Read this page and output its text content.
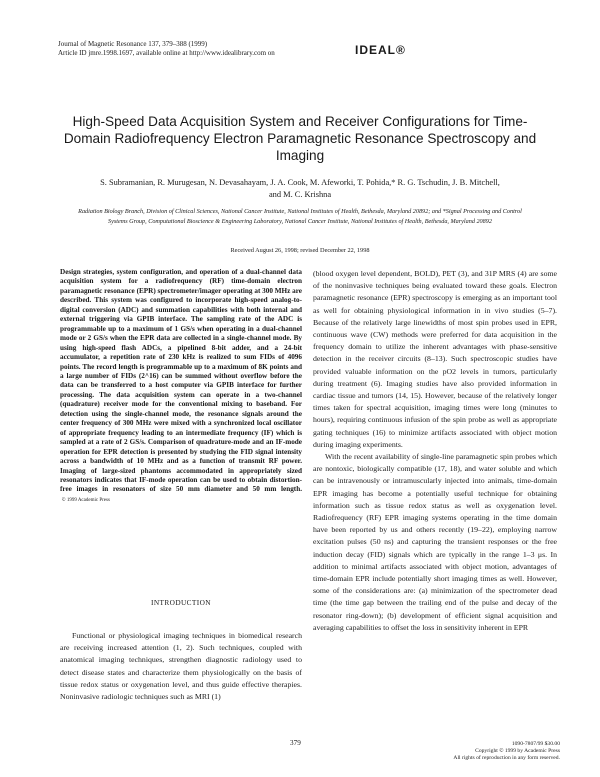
Journal of Magnetic Resonance 137, 379–388 (1999)
Article ID jmre.1998.1697, available online at http://www.idealibrary.com on	IDEAL®
High-Speed Data Acquisition System and Receiver Configurations for Time-Domain Radiofrequency Electron Paramagnetic Resonance Spectroscopy and Imaging
S. Subramanian, R. Murugesan, N. Devasahayam, J. A. Cook, M. Afeworki, T. Pohida,* R. G. Tschudin, J. B. Mitchell, and M. C. Krishna
Radiation Biology Branch, Division of Clinical Sciences, National Cancer Institute, National Institutes of Health, Bethesda, Maryland 20892; and *Signal Processing and Control Systems Group, Computational Bioscience & Engineering Laboratory, National Cancer Institute, National Institutes of Health, Bethesda, Maryland 20892
Received August 26, 1998; revised December 22, 1998
Design strategies, system configuration, and operation of a dual-channel data acquisition system for a radiofrequency (RF) time-domain electron paramagnetic resonance (EPR) spectrometer/imager operating at 300 MHz are described. This system was configured to incorporate high-speed analog-to-digital conversion (ADC) and summation capabilities with both internal and external triggering via GPIB interface. The sampling rate of the ADC is programmable up to a maximum of 1 GS/s when operating in a dual-channel mode or 2 GS/s when the EPR data are collected in a single-channel mode. By using high-speed flash ADCs, a pipelined 8-bit adder, and a 24-bit accumulator, a repetition rate of 230 kHz is realized to sum FIDs of 4096 points. The record length is programmable up to a maximum of 8K points and a large number of FIDs (2^16) can be summed without overflow before the data can be transferred to a host computer via GPIB interface for further processing. The data acquisition system can operate in a two-channel (quadrature) receiver mode for the conventional mixing to baseband. For detection using the single-channel mode, the resonance signals around the center frequency of 300 MHz were mixed with a synchronized local oscillator of appropriate frequency leading to an intermediate frequency (IF) which is sampled at a rate of 2 GS/s. Comparison of quadrature-mode and an IF-mode operation for EPR detection is presented by studying the FID signal intensity across a bandwidth of 10 MHz and as a function of transmit RF power. Imaging of large-sized phantoms accommodated in appropriately sized resonators indicates that IF-mode operation can be used to obtain distortion-free images in resonators of size 50 mm diameter and 50 mm length.  © 1999 Academic Press
INTRODUCTION
Functional or physiological imaging techniques in biomedical research are receiving increased attention (1, 2). Such techniques, coupled with anatomical imaging techniques, strengthen diagnostic radiology used to detect disease states and characterize them physiologically on the basis of tissue redox status or oxygenation level, and thus guide effective therapies. Noninvasive radiologic techniques such as MRI (1)

(blood oxygen level dependent, BOLD), PET (3), and 31P MRS (4) are some of the noninvasive techniques being evaluated toward these goals. Electron paramagnetic resonance (EPR) spectroscopy is emerging as an important tool as well for obtaining physiological information in in vivo studies (5–7). Because of the relatively large linewidths of most spin probes used in EPR, continuous wave (CW) methods were preferred for data acquisition in the frequency domain to utilize the inherent advantages with phase-sensitive detection in the receiver circuits (8–13). Such spectroscopic studies have provided valuable information on the pO2 levels in tumors, particularly during treatment (6). Imaging studies have also provided information in cardiac tissue and tumors (14, 15). However, because of the relatively longer times taken for spectral acquisition, imaging times were long (minutes to hours), requiring continuous infusion of the spin probe as well as appropriate gating techniques (16) to minimize artifacts associated with object motion during imaging experiments.

With the recent availability of single-line paramagnetic spin probes which are nontoxic, biologically compatible (17, 18), and water soluble and which can be intravenously or intramuscularly injected into animals, time-domain EPR imaging has become a potentially useful technique for obtaining information such as tissue redox status as well as oxygenation level. Radiofrequency (RF) EPR imaging systems operating in the time domain have been reported by us and others recently (19–22), employing narrow excitation pulses (50 ns) and capturing the transient responses or the free induction decay (FID) signals which are typically in the range 1–3 μs. In addition to minimal artifacts associated with object motion, advantages of time-domain EPR include potentially short imaging times as well. However, some of the considerations are: (a) minimization of the spectrometer dead time (the time gap between the trailing end of the pulse and decay of the resonator ring-down); (b) development of efficient signal acquisition and averaging capabilities to offset the loss in sensitivity inherent in EPR

379	1090-7807/99 $30.00
Copyright © 1999 by Academic Press
All rights of reproduction in any form reserved.
